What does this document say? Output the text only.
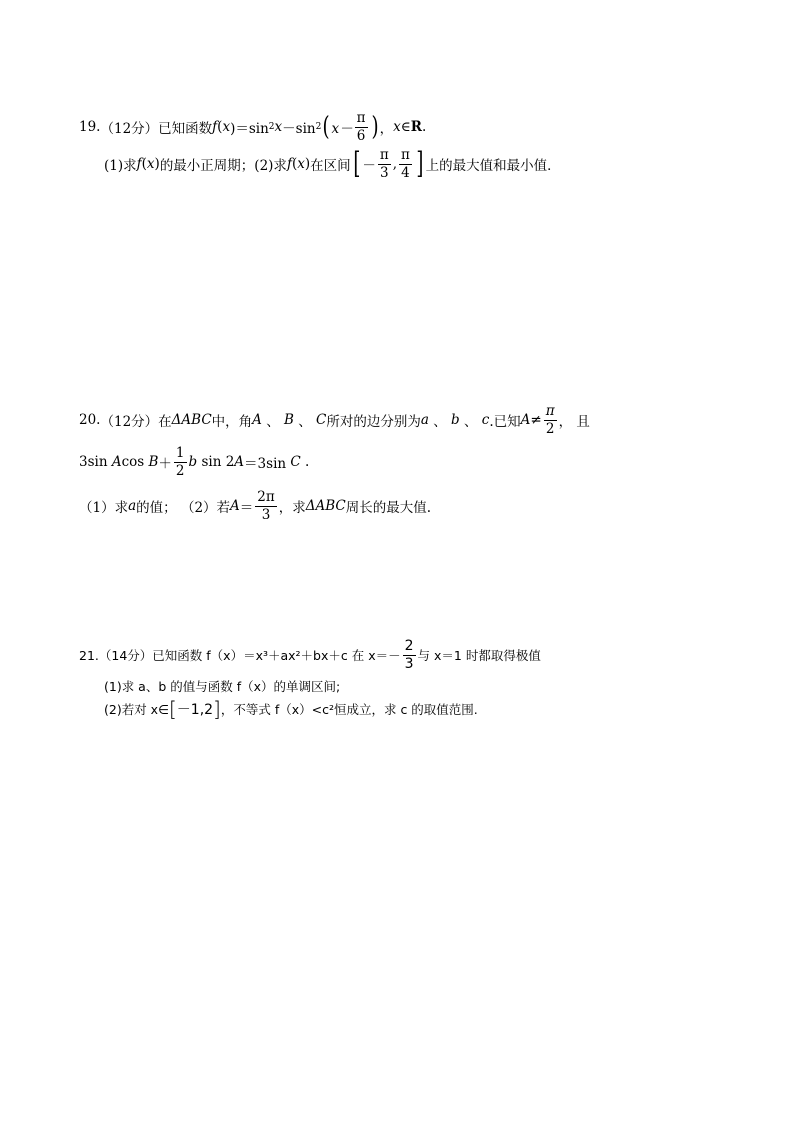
19. （12分） 已知函数 f ( x )＝sin 2 x －sin 2 ( $x- \frac{\pi}{6}$ ) ， x ∈ R .
(1)求 f ( x ) 的最小正周期；(2)求 f ( x ) 在区间 [ － $\frac{\pi}{3}$ , $\frac{\pi}{4}$ ] 上的最大值和最小值．
20. （12分） 在 ΔABC 中，角 A
、
B
、
C 所对的边分别为 a
、
b
、
c .已知 $A \ne \frac{\pi}{2}$ ， 且
3sin
A cos
$B + \frac{1}{2}$ b
sin 2 A ＝3sin
C
.
（1）求 a 的值； （2）若 $A = \frac{2\pi}{3}$ ，求 ΔABC 周长的最大值.
21. （14分） 已知函数 f（x）＝x³＋ax²＋bx＋c 在 $x=- \frac{2}{3}$ 与 x＝1 时都取得极值
(1)求 a、b 的值与函数 f（x）的单调区间;
(2)若对 x∈ [ －1,2 ] ，不等式 f（x）<c²恒成立，求 c 的取值范围.
